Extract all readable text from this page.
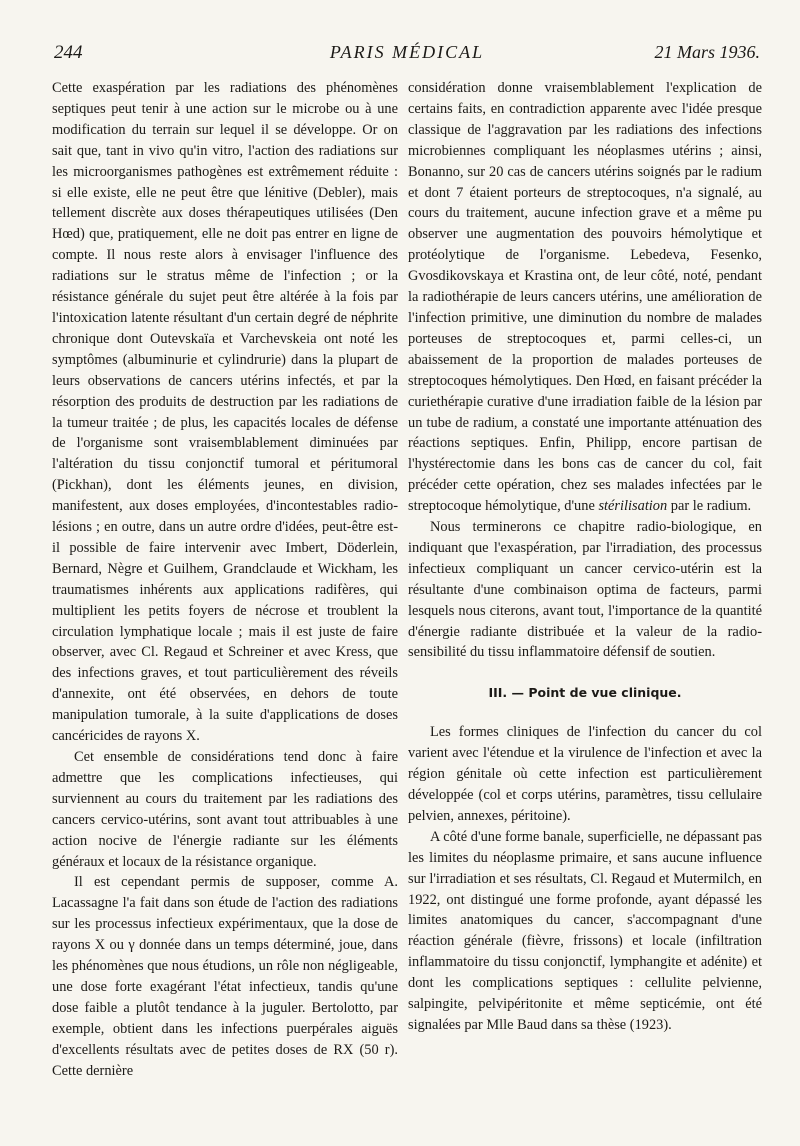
244	PARIS MÉDICAL	21 Mars 1936.

Cette exaspération par les radiations des phénomènes septiques peut tenir à une action sur le microbe ou à une modification du terrain sur lequel il se développe. Or on sait que, tant in vivo qu'in vitro, l'action des radiations sur les microorganismes pathogènes est extrêmement réduite : si elle existe, elle ne peut être que lénitive (Debler), mais tellement discrète aux doses thérapeutiques utilisées (Den Hœd) que, pratiquement, elle ne doit pas entrer en ligne de compte. Il nous reste alors à envisager l'influence des radiations sur le stratus même de l'infection ; or la résistance générale du sujet peut être altérée à la fois par l'intoxication latente résultant d'un certain degré de néphrite chronique dont Outevskaïa et Varchevskeia ont noté les symptômes (albuminurie et cylindrurie) dans la plupart de leurs observations de cancers utérins infectés, et par la résorption des produits de destruction par les radiations de la tumeur traitée ; de plus, les capacités locales de défense de l'organisme sont vraisemblablement diminuées par l'altération du tissu conjonctif tumoral et péritumoral (Pickhan), dont les éléments jeunes, en division, manifestent, aux doses employées, d'incontestables radio-lésions ; en outre, dans un autre ordre d'idées, peut-être est-il possible de faire intervenir avec Imbert, Döderlein, Bernard, Nègre et Guilhem, Grandclaude et Wickham, les traumatismes inhérents aux applications radifères, qui multiplient les petits foyers de nécrose et troublent la circulation lymphatique locale ; mais il est juste de faire observer, avec Cl. Regaud et Schreiner et avec Kress, que des infections graves, et tout particulièrement des réveils d'annexite, ont été observées, en dehors de toute manipulation tumorale, à la suite d'applications de doses cancéricides de rayons X.

Cet ensemble de considérations tend donc à faire admettre que les complications infectieuses, qui surviennent au cours du traitement par les radiations des cancers cervico-utérins, sont avant tout attribuables à une action nocive de l'énergie radiante sur les éléments généraux et locaux de la résistance organique.

Il est cependant permis de supposer, comme A. Lacassagne l'a fait dans son étude de l'action des radiations sur les processus infectieux expérimentaux, que la dose de rayons X ou γ donnée dans un temps déterminé, joue, dans les phénomènes que nous étudions, un rôle non négligeable, une dose forte exagérant l'état infectieux, tandis qu'une dose faible a plutôt tendance à la juguler. Bertolotto, par exemple, obtient dans les infections puerpérales aiguës d'excellents résultats avec de petites doses de RX (50 r). Cette dernière

considération donne vraisemblablement l'explication de certains faits, en contradiction apparente avec l'idée presque classique de l'aggravation par les radiations des infections microbiennes compliquant les néoplasmes utérins ; ainsi, Bonanno, sur 20 cas de cancers utérins soignés par le radium et dont 7 étaient porteurs de streptocoques, n'a signalé, au cours du traitement, aucune infection grave et a même pu observer une augmentation des pouvoirs hémolytique et protéolytique de l'organisme. Lebedeva, Fesenko, Gvosdikovskaya et Krastina ont, de leur côté, noté, pendant la radiothérapie de leurs cancers utérins, une amélioration de l'infection primitive, une diminution du nombre de malades porteuses de streptocoques et, parmi celles-ci, un abaissement de la proportion de malades porteuses de streptocoques hémolytiques. Den Hœd, en faisant précéder la curiethérapie curative d'une irradiation faible de la lésion par un tube de radium, a constaté une importante atténuation des réactions septiques. Enfin, Philipp, encore partisan de l'hystérectomie dans les bons cas de cancer du col, fait précéder cette opération, chez ses malades infectées par le streptocoque hémolytique, d'une stérilisation par le radium.

Nous terminerons ce chapitre radio-biologique, en indiquant que l'exaspération, par l'irradiation, des processus infectieux compliquant un cancer cervico-utérin est la résultante d'une combinaison optima de facteurs, parmi lesquels nous citerons, avant tout, l'importance de la quantité d'énergie radiante distribuée et la valeur de la radio-sensibilité du tissu inflammatoire défensif de soutien.

III. — Point de vue clinique.

Les formes cliniques de l'infection du cancer du col varient avec l'étendue et la virulence de l'infection et avec la région génitale où cette infection est particulièrement développée (col et corps utérins, paramètres, tissu cellulaire pelvien, annexes, péritoine).

A côté d'une forme banale, superficielle, ne dépassant pas les limites du néoplasme primaire, et sans aucune influence sur l'irradiation et ses résultats, Cl. Regaud et Mutermilch, en 1922, ont distingué une forme profonde, ayant dépassé les limites anatomiques du cancer, s'accompagnant d'une réaction générale (fièvre, frissons) et locale (infiltration inflammatoire du tissu conjonctif, lymphangite et adénite) et dont les complications septiques : cellulite pelvienne, salpingite, pelvipéritonite et même septicémie, ont été signalées par Mlle Baud dans sa thèse (1923).
